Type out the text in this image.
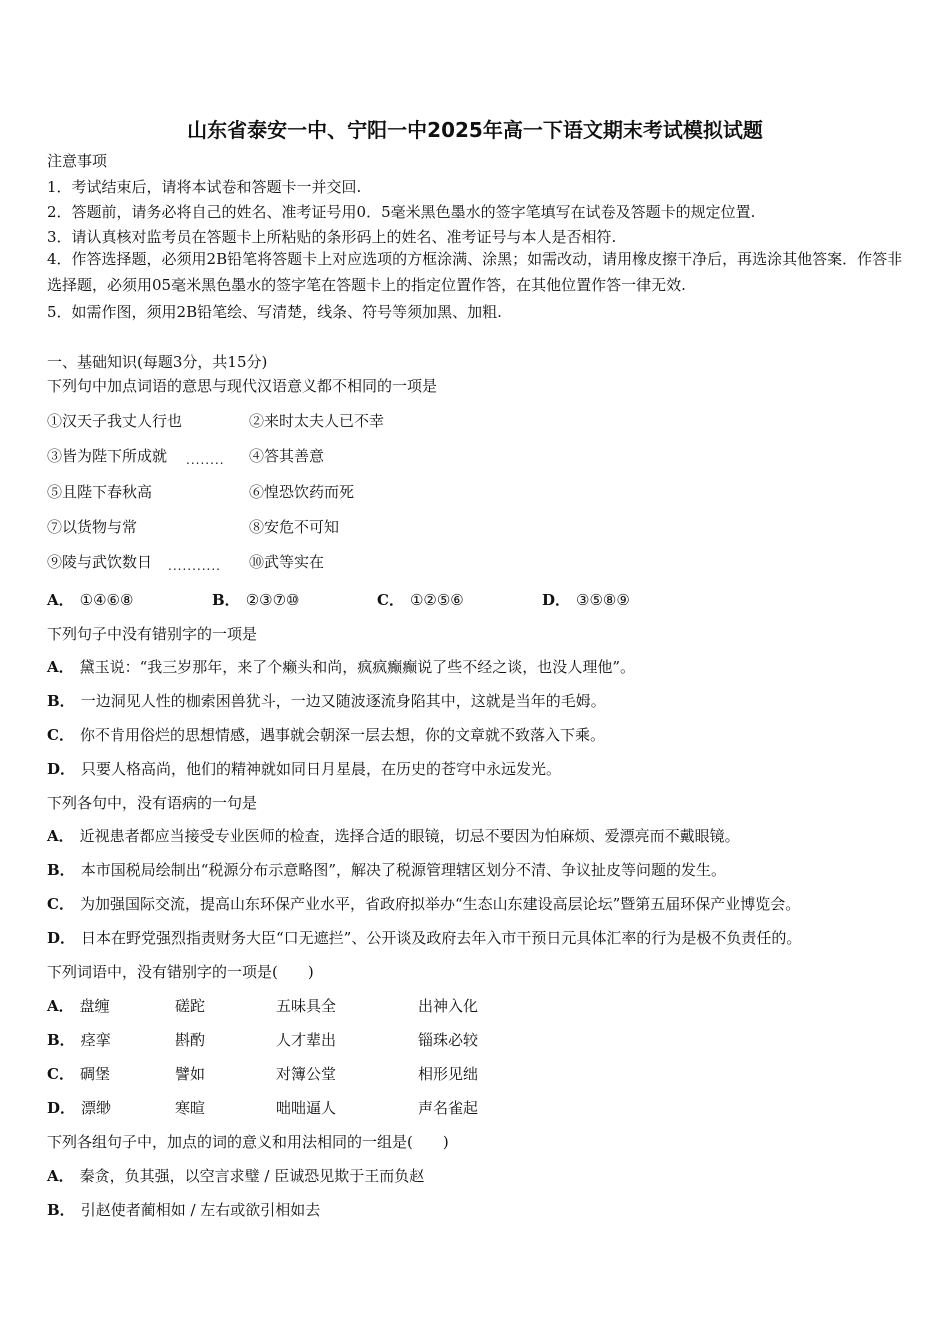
山东省泰安一中、宁阳一中2025年高一下语文期末考试模拟试题
注意事项
1．考试结束后，请将本试卷和答题卡一并交回.
2．答题前，请务必将自己的姓名、准考证号用0．5毫米黑色墨水的签字笔填写在试卷及答题卡的规定位置.
3．请认真核对监考员在答题卡上所粘贴的条形码上的姓名、准考证号与本人是否相符.
4．作答选择题，必须用2B铅笔将答题卡上对应选项的方框涂满、涂黑；如需改动，请用橡皮擦干净后，再选涂其他答案．作答非选择题，必须用05毫米黑色墨水的签字笔在答题卡上的指定位置作答，在其他位置作答一律无效.
5．如需作图，须用2B铅笔绘、写清楚，线条、符号等须加黑、加粗.
一、基础知识(每题3分，共15分)
下列句中加点词语的意思与现代汉语意义都不相同的一项是
①汉天子我丈人行也	②来时太夫人已不幸
③皆为陛下所成就 ........ ④答其善意
⑤且陛下春秋高	⑥惶恐饮药而死
⑦以货物与常	⑧安危不可知
⑨陵与武饮数日 ........... ⑩武等实在
A． ①④⑥⑧	B． ②③⑦⑩	C． ①②⑤⑥	D． ③⑤⑧⑨
下列句子中没有错别字的一项是
A． 黛玉说：“我三岁那年，来了个癞头和尚，疯疯癫癫说了些不经之谈，也没人理他”。
B． 一边洞见人性的枷索困兽犹斗，一边又随波逐流身陷其中，这就是当年的毛姆。
C． 你不肯用俗烂的思想情感，遇事就会朝深一层去想，你的文章就不致落入下乘。
D． 只要人格高尚，他们的精神就如同日月星晨，在历史的苍穹中永远发光。
下列各句中，没有语病的一句是
A． 近视患者都应当接受专业医师的检查，选择合适的眼镜，切忌不要因为怕麻烦、爱漂亮而不戴眼镜。
B． 本市国税局绘制出“税源分布示意略图”，解决了税源管理辖区划分不清、争议扯皮等问题的发生。
C． 为加强国际交流，提高山东环保产业水平，省政府拟举办“生态山东建设高层论坛”暨第五届环保产业博览会。
D． 日本在野党强烈指责财务大臣“口无遮拦”、公开谈及政府去年入市干预日元具体汇率的行为是极不负责任的。
下列词语中，没有错别字的一项是(　　)
A． 盘缠	磋跎	五味具全	出神入化
B． 痉挛	斟酌	人才辈出	锱珠必较
C． 碉堡	譬如	对簿公堂	相形见绌
D． 漂缈	寒暄	咄咄逼人	声名雀起
下列各组句子中，加点的词的意义和用法相同的一组是(　　)
A． 秦贪，负其强，以空言求璧 / 臣诚恐见欺于王而负赵
B． 引赵使者蔺相如 / 左右或欲引相如去
